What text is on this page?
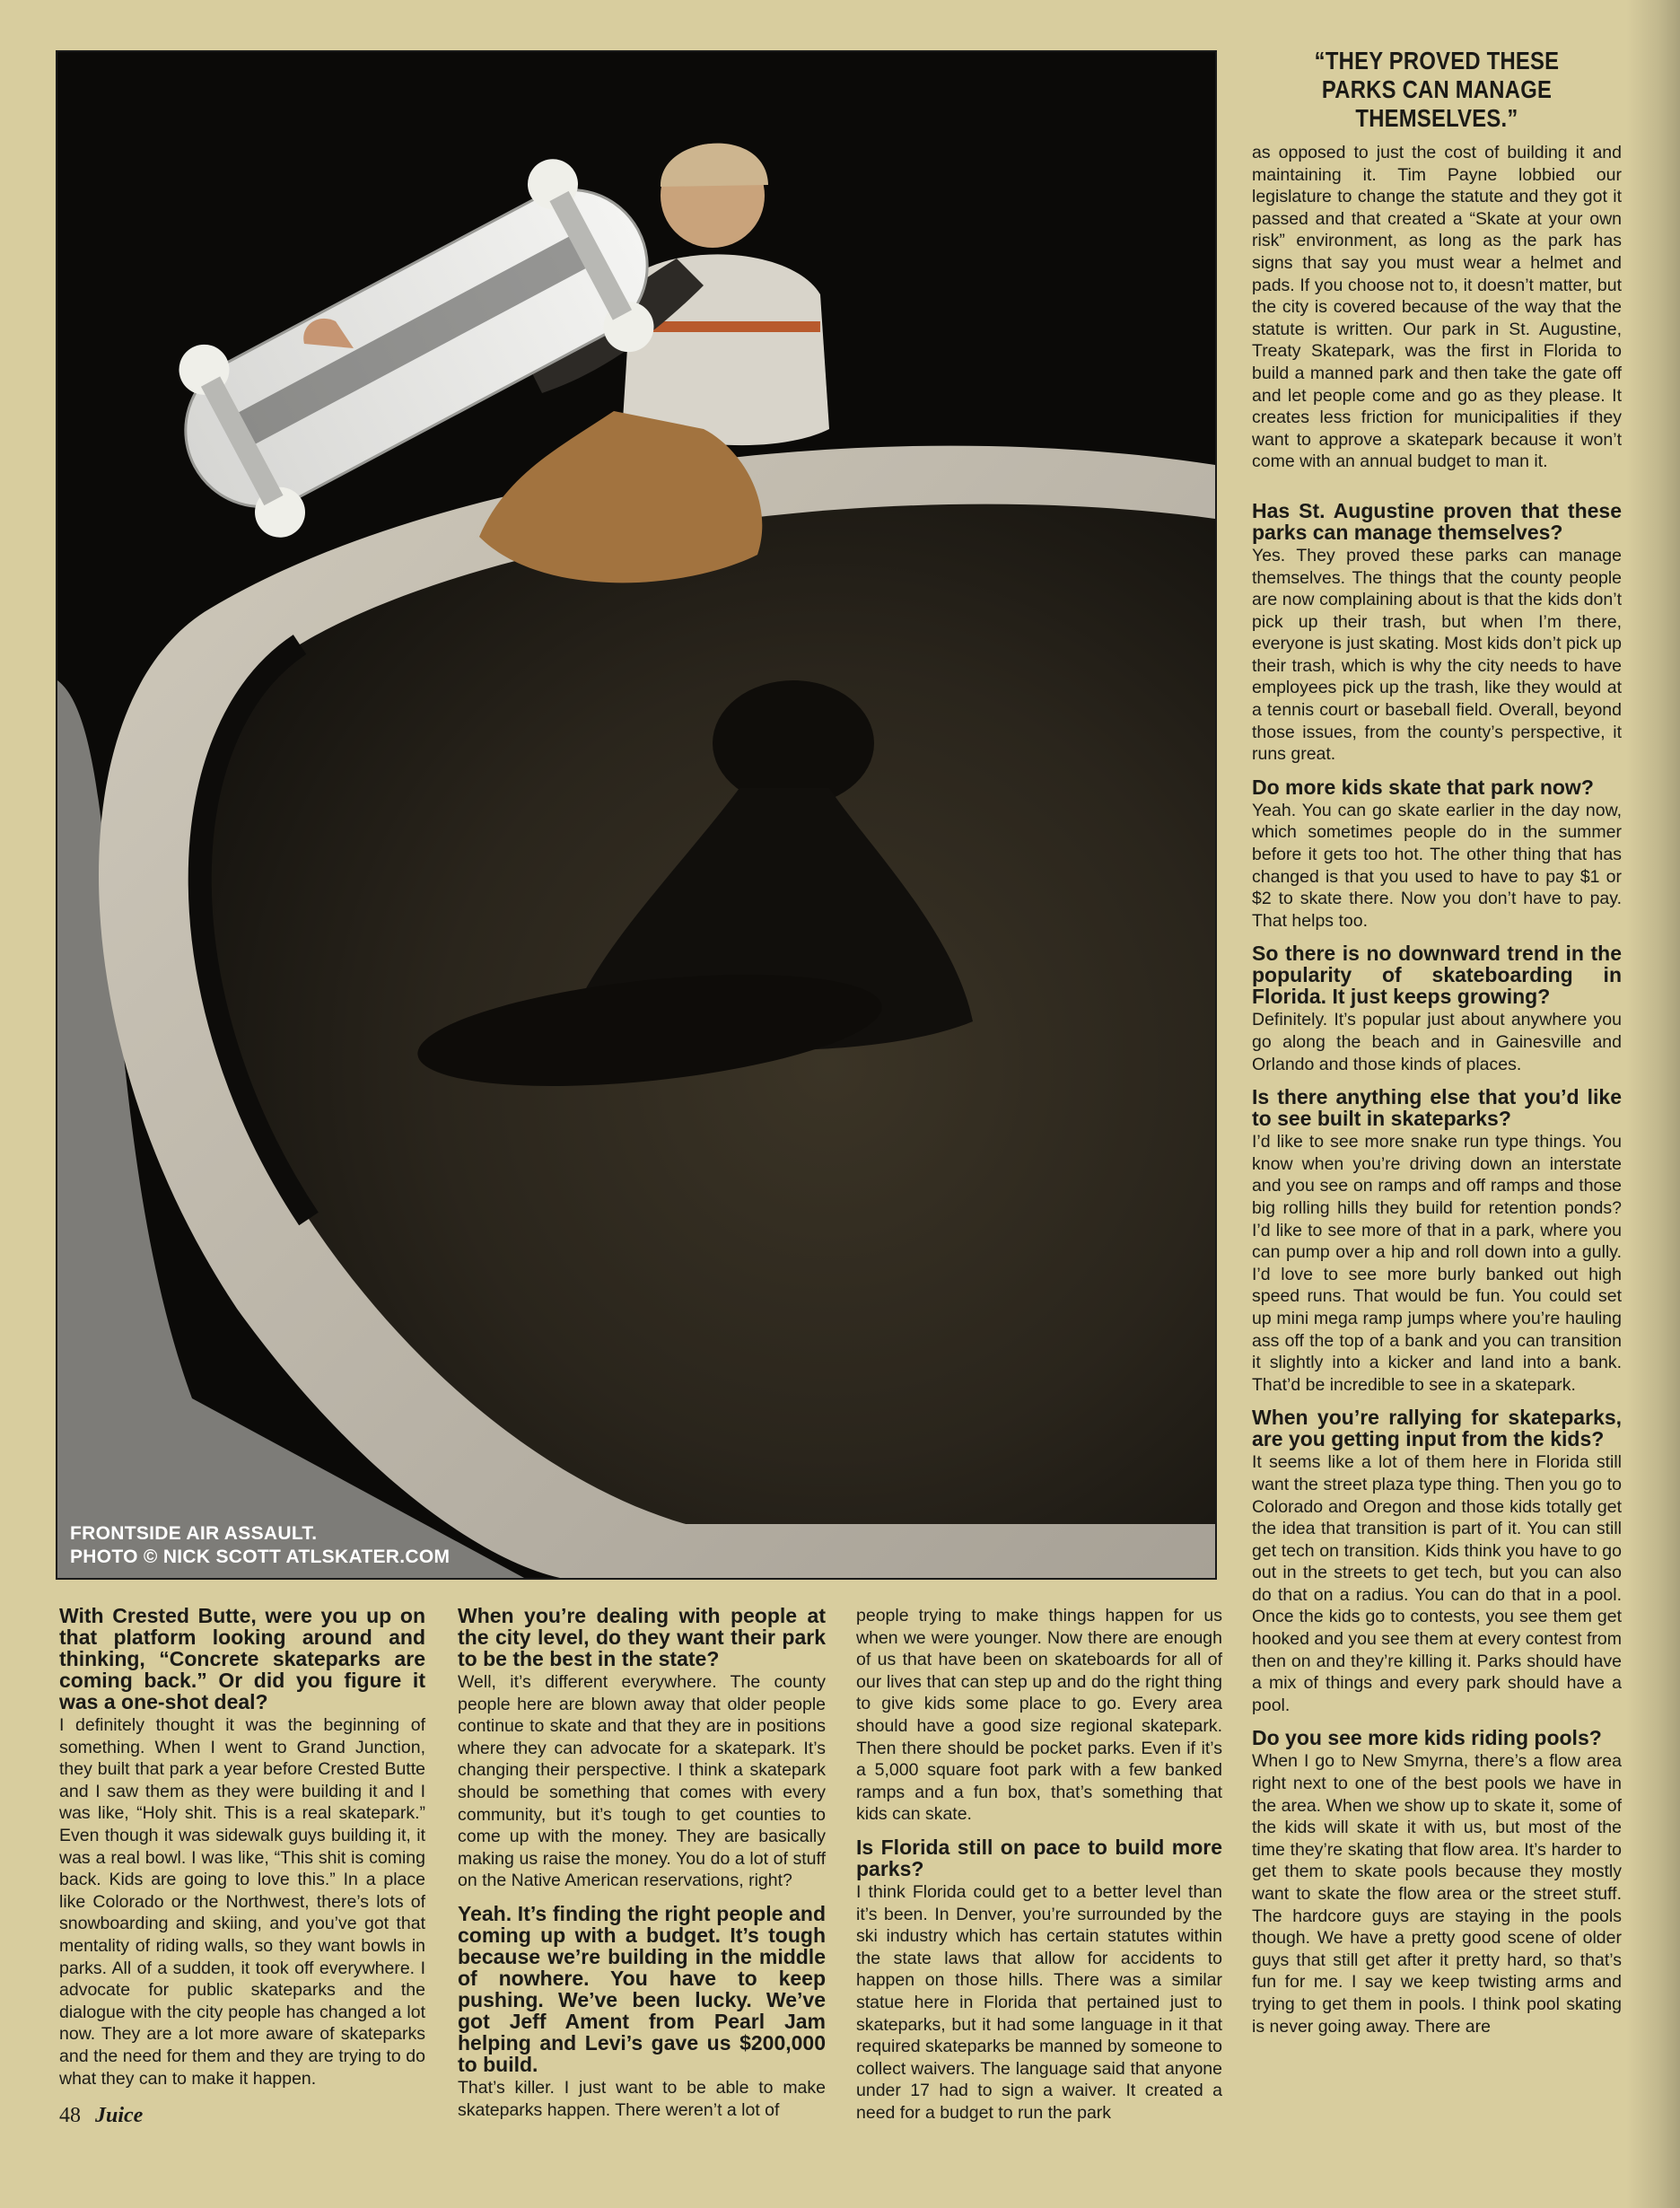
FRONTSIDE AIR ASSAULT.
PHOTO © NICK SCOTT ATLSKATER.COM
“THEY PROVED THESE PARKS CAN MANAGE THEMSELVES.”

as opposed to just the cost of building it and maintaining it. Tim Payne lobbied our legislature to change the statute and they got it passed and that created a “Skate at your own risk” environment, as long as the park has signs that say you must wear a helmet and pads. If you choose not to, it doesn’t matter, but the city is covered because of the way that the statute is written. Our park in St. Augustine, Treaty Skatepark, was the first in Florida to build a manned park and then take the gate off and let people come and go as they please. It creates less friction for municipalities if they want to approve a skatepark because it won’t come with an annual budget to man it.

Has St. Augustine proven that these parks can manage themselves?

Yes. They proved these parks can manage themselves. The things that the county people are now complaining about is that the kids don’t pick up their trash, but when I’m there, everyone is just skating. Most kids don’t pick up their trash, which is why the city needs to have employees pick up the trash, like they would at a tennis court or baseball field. Overall, beyond those issues, from the county’s perspective, it runs great.

Do more kids skate that park now?

Yeah. You can go skate earlier in the day now, which sometimes people do in the summer before it gets too hot. The other thing that has changed is that you used to have to pay $1 or $2 to skate there. Now you don’t have to pay. That helps too.

So there is no downward trend in the popularity of skateboarding in Florida. It just keeps growing?

Definitely. It’s popular just about anywhere you go along the beach and in Gainesville and Orlando and those kinds of places.

Is there anything else that you’d like to see built in skateparks?

I’d like to see more snake run type things. You know when you’re driving down an interstate and you see on ramps and off ramps and those big rolling hills they build for retention ponds? I’d like to see more of that in a park, where you can pump over a hip and roll down into a gully. I’d love to see more burly banked out high speed runs. That would be fun. You could set up mini mega ramp jumps where you’re hauling ass off the top of a bank and you can transition it slightly into a kicker and land into a bank. That’d be incredible to see in a skatepark.

When you’re rallying for skateparks, are you getting input from the kids?

It seems like a lot of them here in Florida still want the street plaza type thing. Then you go to Colorado and Oregon and those kids totally get the idea that transition is part of it. You can still get tech on transition. Kids think you have to go out in the streets to get tech, but you can also do that on a radius. You can do that in a pool. Once the kids go to contests, you see them get hooked and you see them at every contest from then on and they’re killing it. Parks should have a mix of things and every park should have a pool.

Do you see more kids riding pools?

When I go to New Smyrna, there’s a flow area right next to one of the best pools we have in the area. When we show up to skate it, some of the kids will skate it with us, but most of the time they’re skating that flow area. It’s harder to get them to skate pools because they mostly want to skate the flow area or the street stuff. The hardcore guys are staying in the pools though. We have a pretty good scene of older guys that still get after it pretty hard, so that’s fun for me. I say we keep twisting arms and trying to get them in pools. I think pool skating is never going away. There are

With Crested Butte, were you up on that platform looking around and thinking, “Concrete skateparks are coming back.” Or did you figure it was a one-shot deal?

I definitely thought it was the beginning of something. When I went to Grand Junction, they built that park a year before Crested Butte and I saw them as they were building it and I was like, “Holy shit. This is a real skatepark.” Even though it was sidewalk guys building it, it was a real bowl. I was like, “This shit is coming back. Kids are going to love this.” In a place like Colorado or the Northwest, there’s lots of snowboarding and skiing, and you’ve got that mentality of riding walls, so they want bowls in parks. All of a sudden, it took off everywhere. I advocate for public skateparks and the dialogue with the city people has changed a lot now. They are a lot more aware of skateparks and the need for them and they are trying to do what they can to make it happen.

When you’re dealing with people at the city level, do they want their park to be the best in the state?

Well, it’s different everywhere. The county people here are blown away that older people continue to skate and that they are in positions where they can advocate for a skatepark. It’s changing their perspective. I think a skatepark should be something that comes with every community, but it’s tough to get counties to come up with the money. They are basically making us raise the money. You do a lot of stuff on the Native American reservations, right?

Yeah. It’s finding the right people and coming up with a budget. It’s tough because we’re building in the middle of nowhere. You have to keep pushing. We’ve been lucky. We’ve got Jeff Ament from Pearl Jam helping and Levi’s gave us $200,000 to build.

That’s killer. I just want to be able to make skateparks happen. There weren’t a lot of

people trying to make things happen for us when we were younger. Now there are enough of us that have been on skateboards for all of our lives that can step up and do the right thing to give kids some place to go. Every area should have a good size regional skatepark. Then there should be pocket parks. Even if it’s a 5,000 square foot park with a few banked ramps and a fun box, that’s something that kids can skate.

Is Florida still on pace to build more parks?

I think Florida could get to a better level than it’s been. In Denver, you’re surrounded by the ski industry which has certain statutes within the state laws that allow for accidents to happen on those hills. There was a similar statue here in Florida that pertained just to skateparks, but it had some language in it that required skateparks be manned by someone to collect waivers. The language said that anyone under 17 had to sign a waiver. It created a need for a budget to run the park

48 Juice
